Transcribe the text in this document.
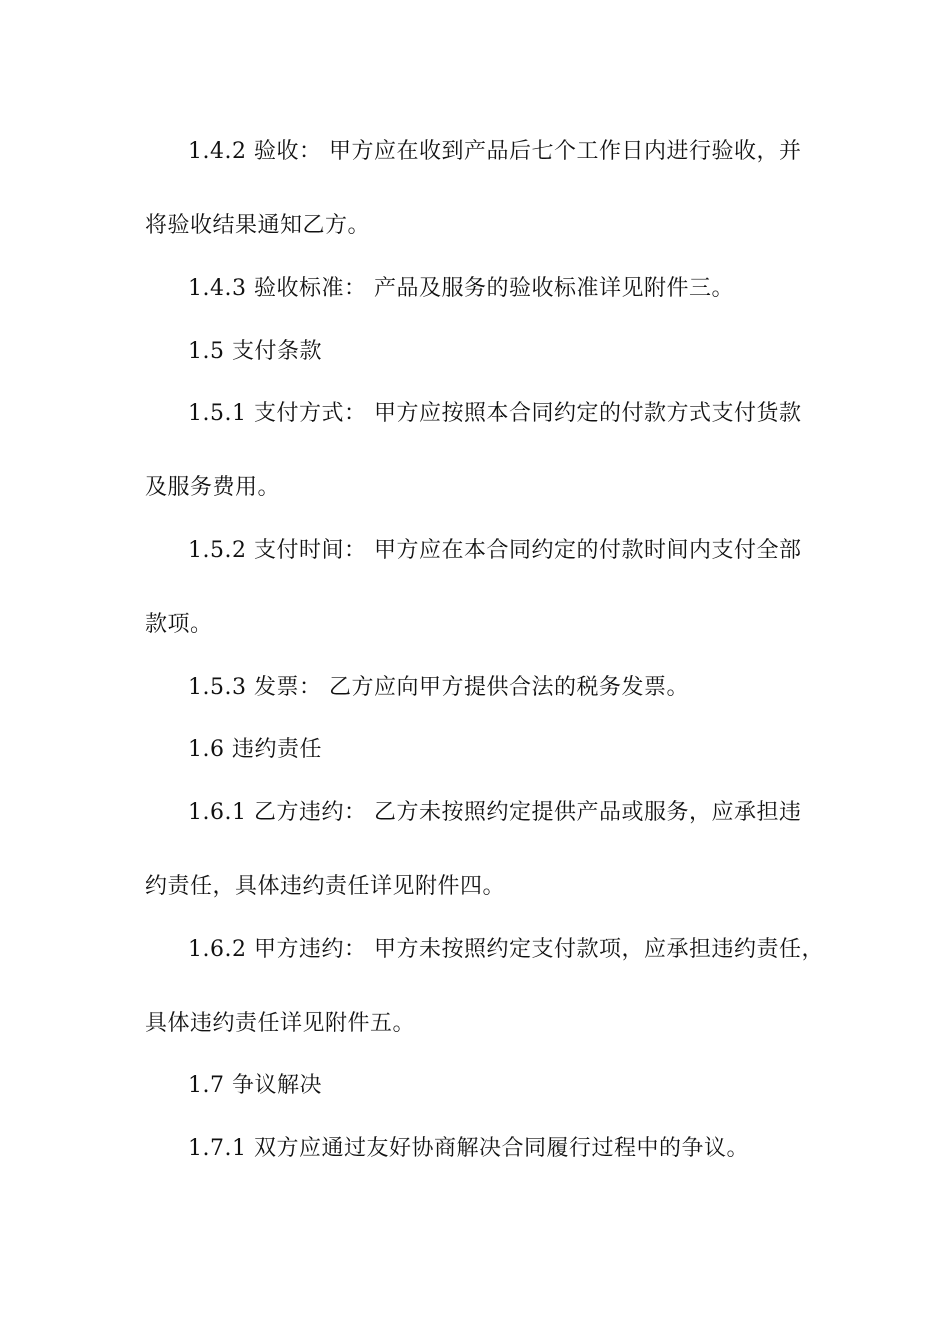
1.4.2 验收： 甲方应在收到产品后七个工作日内进行验收，并
将验收结果通知乙方。
1.4.3 验收标准： 产品及服务的验收标准详见附件三。
1.5 支付条款
1.5.1 支付方式： 甲方应按照本合同约定的付款方式支付货款
及服务费用。
1.5.2 支付时间： 甲方应在本合同约定的付款时间内支付全部
款项。
1.5.3 发票： 乙方应向甲方提供合法的税务发票。
1.6 违约责任
1.6.1 乙方违约： 乙方未按照约定提供产品或服务，应承担违
约责任，具体违约责任详见附件四。
1.6.2 甲方违约： 甲方未按照约定支付款项，应承担违约责任，
具体违约责任详见附件五。
1.7 争议解决
1.7.1 双方应通过友好协商解决合同履行过程中的争议。
